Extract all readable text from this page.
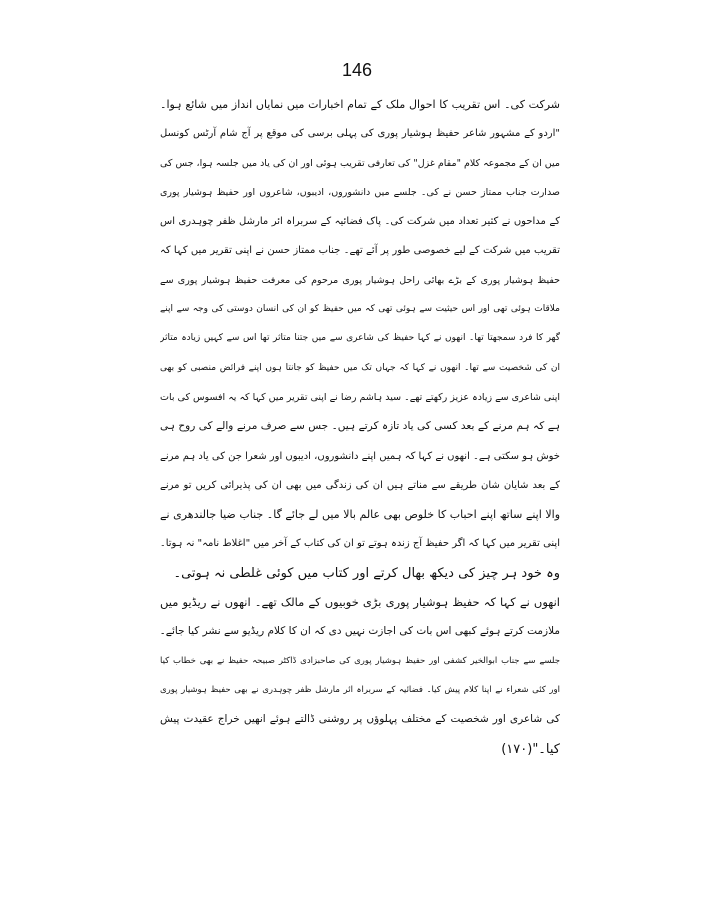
146
شرکت کی۔ اس تقریب کا احوال ملک کے تمام اخبارات میں نمایاں انداز میں شائع ہوا۔
"اردو کے مشہور شاعر حفیظ ہوشیار پوری کی پہلی برسی کی موقع پر آج شام آرٹس کونسل
میں ان کے مجموعہ کلام "مقام غزل" کی تعارفی تقریب ہوئی اور ان کی یاد میں جلسہ ہوا، جس کی
صدارت جناب ممتاز حسن نے کی۔ جلسے میں دانشوروں، ادیبوں، شاعروں اور حفیظ ہوشیار پوری
کے مداحوں نے کثیر تعداد میں شرکت کی۔ پاک فضائیہ کے سربراہ ائر مارشل ظفر چوہدری اس
تقریب میں شرکت کے لیے خصوصی طور پر آئے تھے۔ جناب ممتاز حسن نے اپنی تقریر میں کہا کہ
حفیظ ہوشیار پوری کے بڑے بھائی راحل ہوشیار پوری مرحوم کی معرفت حفیظ ہوشیار پوری سے
ملاقات ہوئی تھی اور اس حیثیت سے ہوئی تھی کہ میں حفیظ کو ان کی انسان دوستی کی وجہ سے اپنے
گھر کا فرد سمجھتا تھا۔ انھوں نے کہا حفیظ کی شاعری سے میں جتنا متاثر تھا اس سے کہیں زیادہ متاثر
ان کی شخصیت سے تھا۔ انھوں نے کہا کہ جہاں تک میں حفیظ کو جانتا ہوں اپنے فرائض منصبی کو بھی
اپنی شاعری سے زیادہ عزیز رکھتے تھے۔ سید ہاشم رضا نے اپنی تقریر میں کہا کہ یہ افسوس کی بات
ہے کہ ہم مرنے کے بعد کسی کی یاد تازہ کرتے ہیں۔ جس سے صرف مرنے والے کی روح ہی
خوش ہو سکتی ہے۔ انھوں نے کہا کہ ہمیں اپنے دانشوروں، ادیبوں اور شعرا جن کی یاد ہم مرنے
کے بعد شایان شان طریقے سے مناتے ہیں ان کی زندگی میں بھی ان کی پذیرائی کریں تو مرنے
والا اپنے ساتھ اپنے احباب کا خلوص بھی عالم بالا میں لے جائے گا۔ جناب ضیا جالندھری نے
اپنی تقریر میں کہا کہ اگر حفیظ آج زندہ ہوتے تو ان کی کتاب کے آخر میں "اغلاط نامہ" نہ ہوتا۔
وہ خود ہر چیز کی دیکھ بھال کرتے اور کتاب میں کوئی غلطی نہ ہوتی۔
انھوں نے کہا کہ حفیظ ہوشیار پوری بڑی خوبیوں کے مالک تھے۔ انھوں نے ریڈیو میں
ملازمت کرتے ہوئے کبھی اس بات کی اجازت نہیں دی کہ ان کا کلام ریڈیو سے نشر کیا جائے۔
جلسے سے جناب ابوالخیر کشفی اور حفیظ ہوشیار پوری کی صاحبزادی ڈاکٹر صبیحہ حفیظ نے بھی خطاب کیا
اور کئی شعراء نے اپنا کلام پیش کیا۔ فضائیہ کے سربراہ ائر مارشل ظفر چوہدری نے بھی حفیظ ہوشیار پوری
کی شاعری اور شخصیت کے مختلف پہلوؤں پر روشنی ڈالتے ہوئے انھیں خراج عقیدت پیش
کیا۔"(۱۷۰)
